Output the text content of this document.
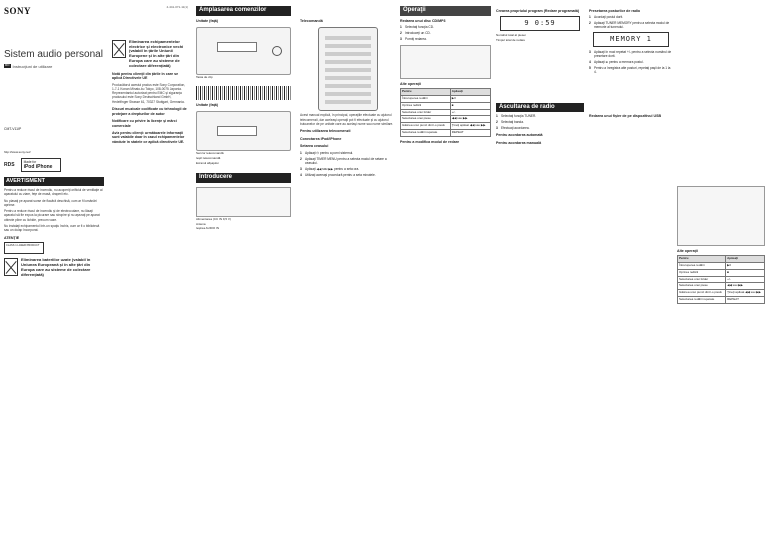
SONY
Sistem audio personal
RO Instrucţiuni de utilizare
CMT-V11IP
http://www.sony.net/
RDS	Made for
iPod iPhone
AVERTISMENT
Pentru a reduce riscul de incendiu, nu acoperiţi orificiul de ventilaţie al aparatului cu ziare, feţe de masă, draperii etc.
Nu plasaţi pe aparat surse de flacără deschisă, cum ar fi lumânări aprinse.
Pentru a reduce riscul de incendiu şi de electrocutare, nu lăsaţi aparatul să fie expus la picurare sau stropire şi nu aşezaţi pe aparat obiecte pline cu lichide, precum vaze.
Nu instalaţi echipamentul într-un spaţiu închis, cum ar fi o bibliotecă sau un dulap încorporat.
ATENŢIE
CLASS 1 LASER PRODUCT
Eliminarea bateriilor uzate (valabil în Uniunea Europeană şi în alte ţări din Europa care au sisteme de colectare diferenţiată)
4-441-071-11(1)
Eliminarea echipamentelor electrice şi electronice vechi (valabil în ţările Uniunii Europene şi în alte ţări din Europa care au sisteme de colectare diferenţiată)
Notă pentru clienţii din ţările în care se aplică Directivele UE
Producătorul acestui produs este Sony Corporation, 1-7-1 Konan Minato-ku Tokyo, 108-0075 Japonia. Reprezentantul autorizat pentru EMC şi siguranţa produsului este Sony Deutschland GmbH, Hedelfinger Strasse 61, 70327 Stuttgart, Germania.
Discuri muzicale codificate cu tehnologii de protejare a drepturilor de autor
Notificare cu privire la licenţe şi mărci comerciale
Aviz pentru clienţi: următoarele informaţii sunt valabile doar în cazul echipamentelor vândute în statele ce aplică directivele UE.
Amplasarea comenzilor
Unitate (faţă)
Tasta de clip
Unitate (faţă)
Senzor telecomandă
Ieşiri telecomandă
Ecranul afişajului
Introducere
Alimentarea (CC IN 9,5 V)
Antena
Ieşirea AUDIO IN
Telecomandă
Acest manual explică, în principal, operaţiile efectuate cu ajutorul telecomenzii, dar aceleaşi operaţii pot fi efectuate şi cu ajutorul butoanelor de pe unitate care au acelaşi nume sau nume similare.
Pentru utilizarea telecomenzii
Conectarea iPod/iPhone
Setarea ceasului
1 Apăsaţi ⏻ pentru a porni sistemul.
2 Apăsaţi TIMER MENU pentru a selecta modul de setare a ceasului.
3 Apăsaţi ◀◀ sau ▶▶ pentru a seta ora.
4 Utilizaţi aceeaşi procedură pentru a seta minutele.
Operaţii
Redarea unui disc CD/MP3
1 Selectaţi funcţia CD.
2 Introduceţi un CD.
3 Porniţi redarea.
Alte operaţii
Pentru	Apăsaţi
Întreruperea redării	▶II
Oprirea redării	■
Selectarea unui folder	+/-
Selectarea unei piese	◀◀ sau ▶▶
Găsirea unui punct dintr-o piesă	Ţineţi apăsat ◀◀ sau ▶▶
Selectarea redării repetate	REPEAT
Pentru a modifica modul de redare
Crearea propriului program (Redare programată)
9 0:59
Numărul total al piesei
Timpul total de redare
Ascultarea de radio
1 Selectaţi funcţia TUNER.
2 Selectaţi banda.
3 Efectuaţi acordarea.
Pentru acordarea automată
Pentru acordarea manuală
Presetarea posturilor de radio
1 Acordaţi postul dorit.
2 Apăsaţi TUNER MEMORY pentru a selecta modul de memorie al tunerului.
MEMORY 1
3 Apăsaţi în mod repetat +/- pentru a selecta numărul de presetare dorit.
4 Apăsaţi ⊕ pentru a memora postul.
5 Pentru a înregistra alte posturi, repetaţi paşii de la 1 la 4.
Redarea unui fişier de pe dispozitivul USB
Alte operaţii
Pentru	Apăsaţi
Întreruperea redării	▶II
Oprirea redării	■
Selectarea unui folder	+/-
Selectarea unei piese	◀◀ sau ▶▶
Găsirea unui punct dintr-o piesă	Ţineţi apăsat ◀◀ sau ▶▶
Selectarea redării repetate	REPEAT
